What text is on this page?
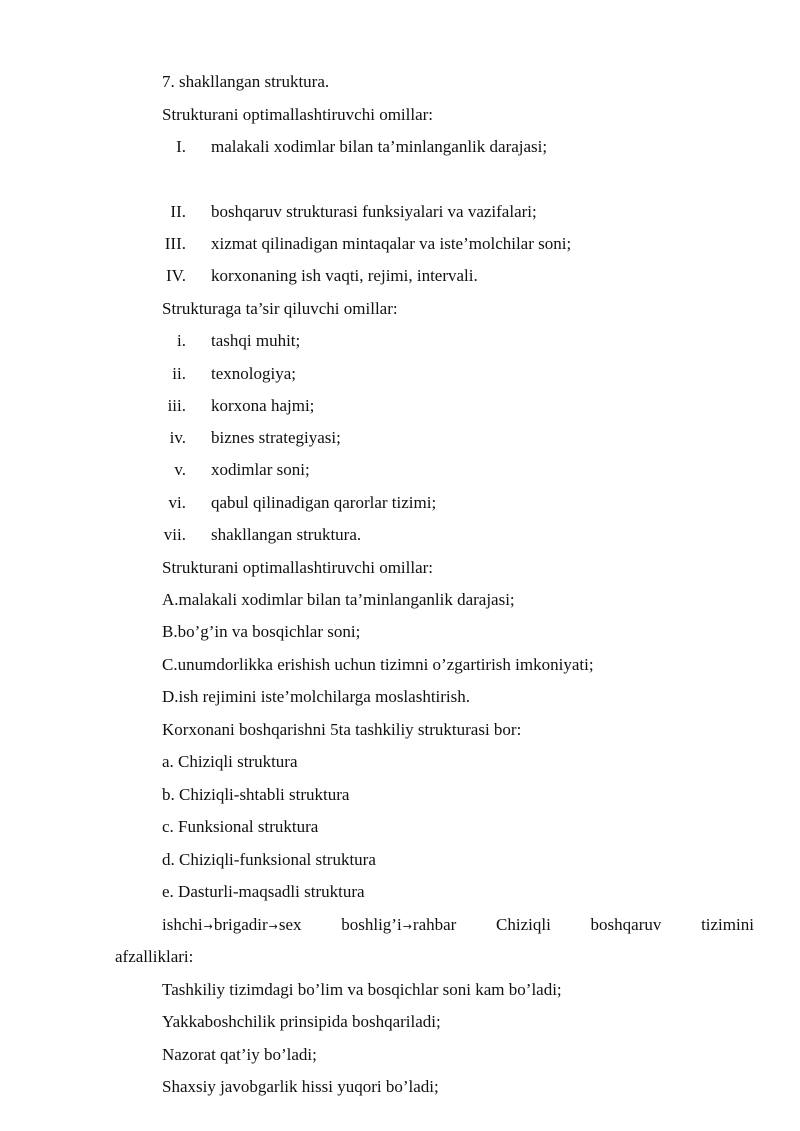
7. shakllangan struktura.
Strukturani optimallashtiruvchi omillar:
I. malakali xodimlar bilan ta’minlanganlik darajasi;
II. boshqaruv strukturasi funksiyalari va vazifalari;
III. xizmat qilinadigan mintaqalar va iste’molchilar soni;
IV. korxonaning ish vaqti, rejimi, intervali.
Strukturaga ta’sir qiluvchi omillar:
i. tashqi muhit;
ii. texnologiya;
iii. korxona hajmi;
iv. biznes strategiyasi;
v. xodimlar soni;
vi. qabul qilinadigan qarorlar tizimi;
vii. shakllangan struktura.
Strukturani optimallashtiruvchi omillar:
A.malakali xodimlar bilan ta’minlanganlik darajasi;
B.bo’g’in va bosqichlar soni;
C.unumdorlikka erishish uchun tizimni o’zgartirish imkoniyati;
D.ish rejimini iste’molchilarga moslashtirish.
Korxonani boshqarishni 5ta tashkiliy strukturasi bor:
a. Chiziqli struktura
b. Chiziqli-shtabli struktura
c. Funksional struktura
d. Chiziqli-funksional struktura
e. Dasturli-maqsadli struktura
ishchi→brigadir→sex boshlig’i→rahbar Chiziqli boshqaruv tizimini
afzalliklari:
Tashkiliy tizimdagi bo’lim va bosqichlar soni kam bo’ladi;
Yakkaboshchilik prinsipida boshqariladi;
Nazorat qat’iy bo’ladi;
Shaxsiy javobgarlik hissi yuqori bo’ladi;
